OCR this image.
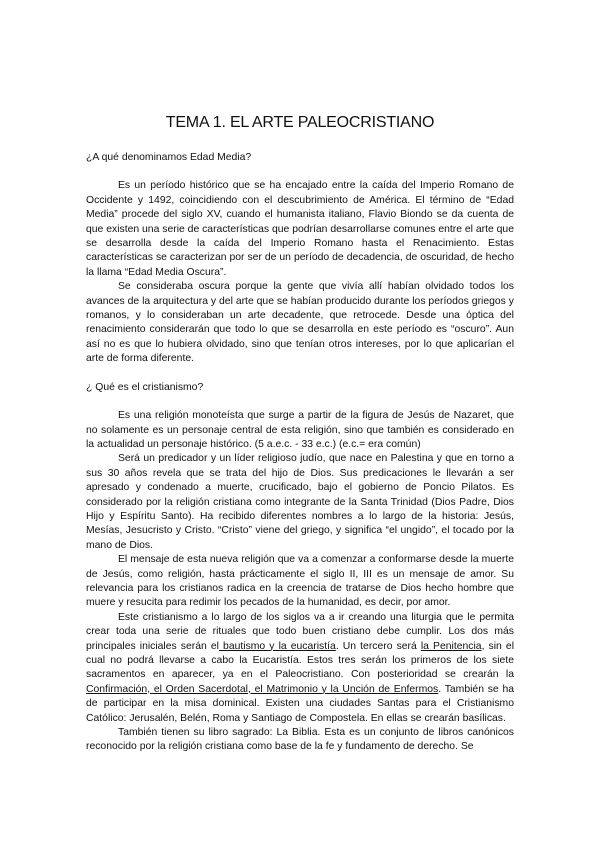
TEMA 1. EL ARTE PALEOCRISTIANO
¿A qué denominamos Edad Media?

Es un período histórico que se ha encajado entre la caída del Imperio Romano de Occidente y 1492, coincidiendo con el descubrimiento de América. El término de “Edad Media” procede del siglo XV, cuando el humanista italiano, Flavio Biondo se da cuenta de que existen una serie de características que podrían desarrollarse comunes entre el arte que se desarrolla desde la caída del Imperio Romano hasta el Renacimiento. Estas características se caracterizan por ser de un período de decadencia, de oscuridad, de hecho la llama “Edad Media Oscura”.

Se consideraba oscura porque la gente que vivía allí habían olvidado todos los avances de la arquitectura y del arte que se habían producido durante los períodos griegos y romanos, y lo consideraban un arte decadente, que retrocede. Desde una óptica del renacimiento considerarán que todo lo que se desarrolla en este período es “oscuro”. Aun así no es que lo hubiera olvidado, sino que tenían otros intereses, por lo que aplicarían el arte de forma diferente.

¿ Qué es el cristianismo?

Es una religión monoteísta que surge a partir de la figura de Jesús de Nazaret, que no solamente es un personaje central de esta religión, sino que también es considerado en la actualidad un personaje histórico. (5 a.e.c. - 33 e.c.) (e.c.= era común)

Será un predicador y un líder religioso judío, que nace en Palestina y que en torno a sus 30 años revela que se trata del hijo de Dios. Sus predicaciones le llevarán a ser apresado y condenado a muerte, crucificado, bajo el gobierno de Poncio Pilatos. Es considerado por la religión cristiana como integrante de la Santa Trinidad (Dios Padre, Dios Hijo y Espíritu Santo). Ha recibido diferentes nombres a lo largo de la historia: Jesús, Mesías, Jesucristo y Cristo. “Cristo” viene del griego, y significa “el ungido”, el tocado por la mano de Dios.

El mensaje de esta nueva religión que va a comenzar a conformarse desde la muerte de Jesús, como religión, hasta prácticamente el siglo II, III es un mensaje de amor. Su relevancia para los cristianos radica en la creencia de tratarse de Dios hecho hombre que muere y resucita para redimir los pecados de la humanidad, es decir, por amor.

Este cristianismo a lo largo de los siglos va a ir creando una liturgia que le permita crear toda una serie de rituales que todo buen cristiano debe cumplir. Los dos más principales iniciales serán el bautismo y la eucaristía. Un tercero será la Penitencia, sin el cual no podrá llevarse a cabo la Eucaristía. Estos tres serán los primeros de los siete sacramentos en aparecer, ya en el Paleocristiano. Con posterioridad se crearán la Confirmación, el Orden Sacerdotal, el Matrimonio y la Unción de Enfermos. También se ha de participar en la misa dominical. Existen una ciudades Santas para el Cristianismo Católico: Jerusalén, Belén, Roma y Santiago de Compostela. En ellas se crearán basílicas.

También tienen su libro sagrado: La Biblia. Esta es un conjunto de libros canónicos reconocido por la religión cristiana como base de la fe y fundamento de derecho. Se
